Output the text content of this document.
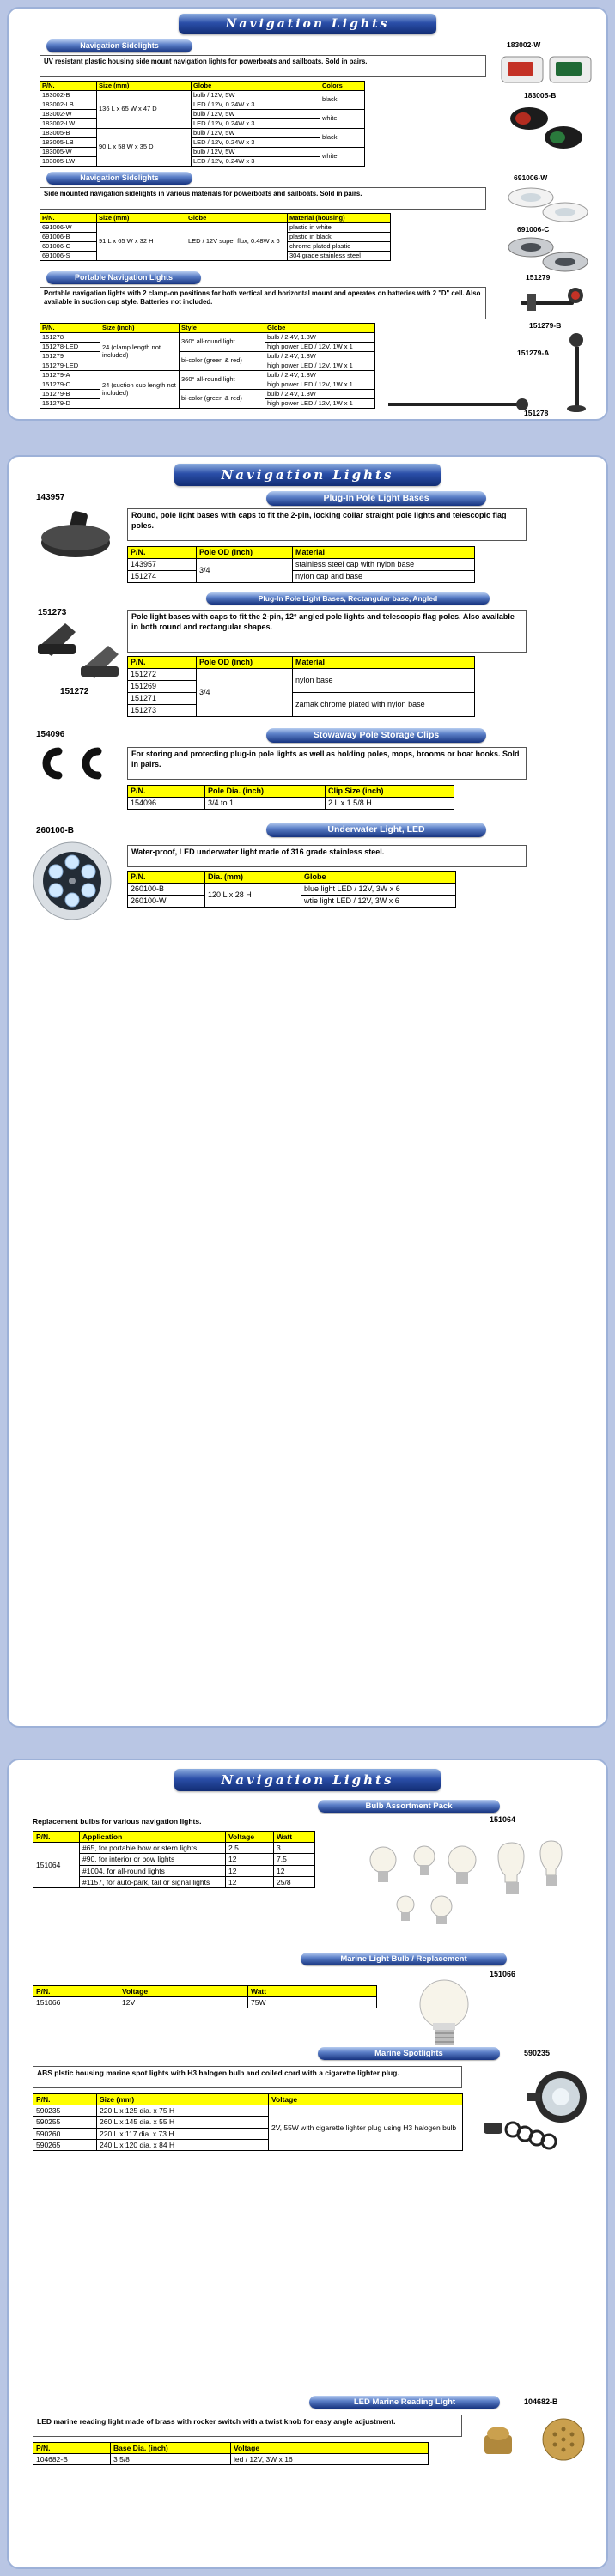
Navigation Lights
Navigation Sidelights	183002-W
UV resistant plastic housing side mount navigation lights for powerboats and sailboats. Sold in pairs.
P/N.	Size (mm)	Globe	Colors
183002-B	136 L x 65 W x 47 D	bulb / 12V, 5W	black
183002-LB		LED / 12V, 0.24W x 3	
183002-W		bulb / 12V, 5W	white
183002-LW		LED / 12V, 0.24W x 3	
183005-B	90 L x 58 W x 35 D	bulb / 12V, 5W	black
183005-LB		LED / 12V, 0.24W x 3	
183005-W		bulb / 12V, 5W	white
183005-LW		LED / 12V, 0.24W x 3	
183005-B
Navigation Sidelights	691006-W
Side mounted navigation sidelights in various materials for powerboats and sailboats. Sold in pairs.
P/N.	Size (mm)	Globe	Material (housing)
691006-W	91 L x 65 W x 32 H	LED / 12V super flux, 0.48W x 6	plastic in white
691006-B			plastic in black
691006-C			chrome plated plastic
691006-S			304 grade stainless steel
691006-C
Portable Navigation Lights	151279
Portable navigation lights with 2 clamp-on positions for both vertical and horizontal mount and operates on batteries with 2 "D" cell. Also available in suction cup style. Batteries not included.
P/N.	Size (inch)	Style	Globe
151278	24 (clamp length not included)	360° all-round light	bulb / 2.4V, 1.8W
151278-LED			high power LED / 12V, 1W x 1
151279		bi-color (green & red)	bulb / 2.4V, 1.8W
151279-LED			high power LED / 12V, 1W x 1
151279-A	24 (suction cup length not included)	360° all-round light	bulb / 2.4V, 1.8W
151279-C			high power LED / 12V, 1W x 1
151279-B		bi-color (green & red)	bulb / 2.4V, 1.8W
151279-D			high power LED / 12V, 1W x 1
151279-B
151279-A
151278
Navigation Lights
Plug-In Pole Light Bases
143957
Round, pole light bases with caps to fit the 2-pin, locking collar straight pole lights and telescopic flag poles.
P/N.	Pole OD (inch)	Material
143957	3/4	stainless steel cap with nylon base
151274		nylon cap and base
Plug-In Pole Light Bases, Rectangular base, Angled
151273
151272
Pole light bases with caps to fit the 2-pin, 12° angled pole lights and telescopic flag poles. Also available in both round and rectangular shapes.
P/N.	Pole OD (inch)	Material
151272	3/4	nylon base
151269		
151271		zamak chrome plated with nylon base
151273		
Stowaway Pole Storage Clips
154096
For storing and protecting plug-in pole lights as well as holding poles, mops, brooms or boat hooks. Sold in pairs.
P/N.	Pole Dia. (inch)	Clip Size (inch)
154096	3/4 to 1	2 L x 1 5/8 H
Underwater Light, LED
260100-B
Water-proof, LED underwater light made of 316 grade stainless steel.
P/N.	Dia. (mm)	Globe
260100-B	120 L x 28 H	blue light LED / 12V, 3W x 6
260100-W		wtie light LED / 12V, 3W x 6
Navigation Lights
Bulb Assortment Pack
Replacement bulbs for various navigation lights.	151064
P/N.	Application	Voltage	Watt
151064	#65, for portable bow or stern lights	2.5	3
	#90, for interior or bow lights	12	7.5
	#1004, for all-round lights	12	12
	#1157, for auto-park, tail or signal lights	12	25/8
Marine Light Bulb / Replacement
151066
P/N.	Voltage	Watt
151066	12V	75W
Marine Spotlights	590235
ABS plstic housing marine spot lights with H3 halogen bulb and coiled cord with a cigarette lighter plug.
P/N.	Size (mm)	Voltage
590235	220 L x 125 dia. x 75 H	2V, 55W with cigarette lighter plug using H3 halogen bulb
590255	260 L x 145 dia. x 55 H	
590260	220 L x 117 dia. x 73 H	
590265	240 L x 120 dia. x 84 H	
LED Marine Reading Light	104682-B
LED marine reading light made of brass with rocker switch with a twist knob for easy angle adjustment.
P/N.	Base Dia. (inch)	Voltage
104682-B	3 5/8	led / 12V, 3W x 16
